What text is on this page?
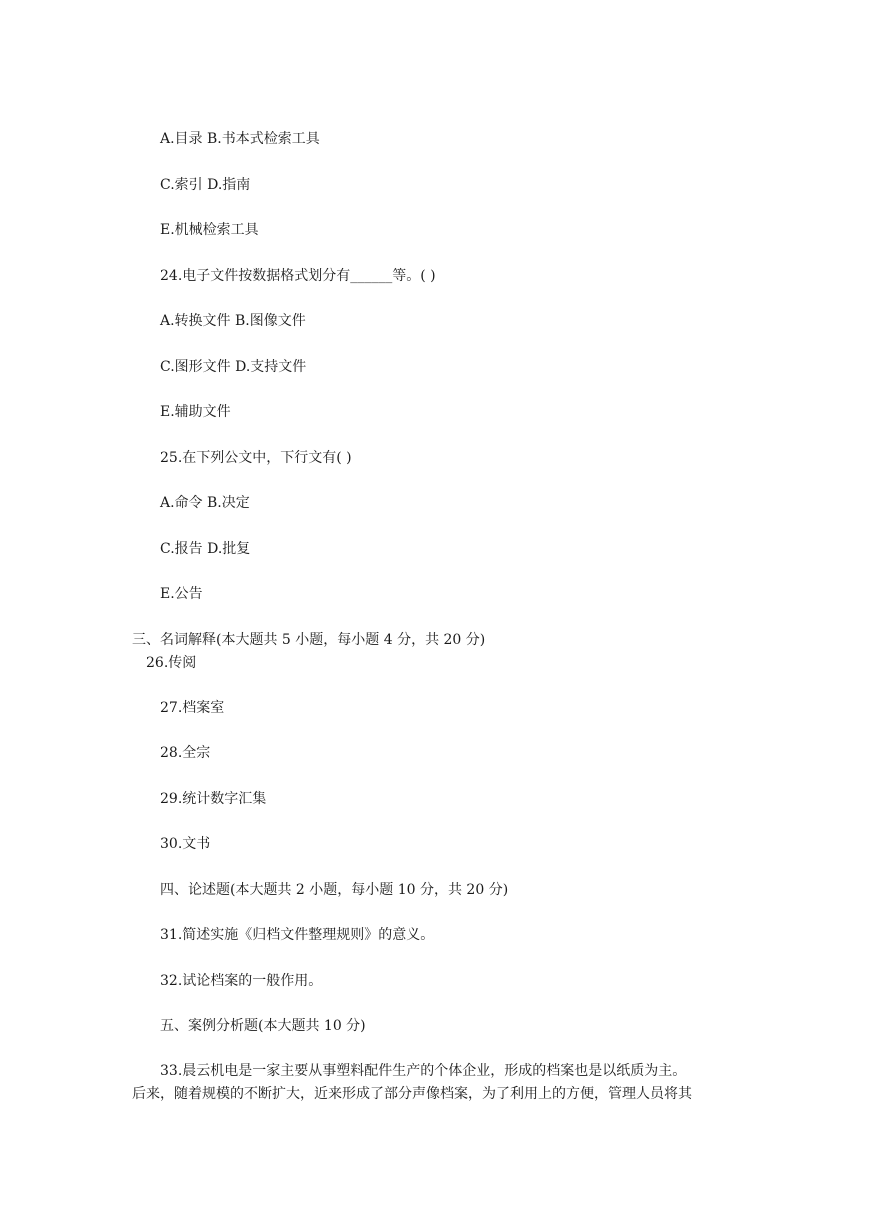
A.目录 B.书本式检索工具
C.索引 D.指南
E.机械检索工具
24.电子文件按数据格式划分有______等。( )
A.转换文件 B.图像文件
C.图形文件 D.支持文件
E.辅助文件
25.在下列公文中，下行文有( )
A.命令 B.决定
C.报告 D.批复
E.公告
三、名词解释(本大题共 5 小题，每小题 4 分，共 20 分)
26.传阅
27.档案室
28.全宗
29.统计数字汇集
30.文书
四、论述题(本大题共 2 小题，每小题 10 分，共 20 分)
31.简述实施《归档文件整理规则》的意义。
32.试论档案的一般作用。
五、案例分析题(本大题共 10 分)
33.晨云机电是一家主要从事塑料配件生产的个体企业，形成的档案也是以纸质为主。
后来，随着规模的不断扩大，近来形成了部分声像档案，为了利用上的方便，管理人员将其
